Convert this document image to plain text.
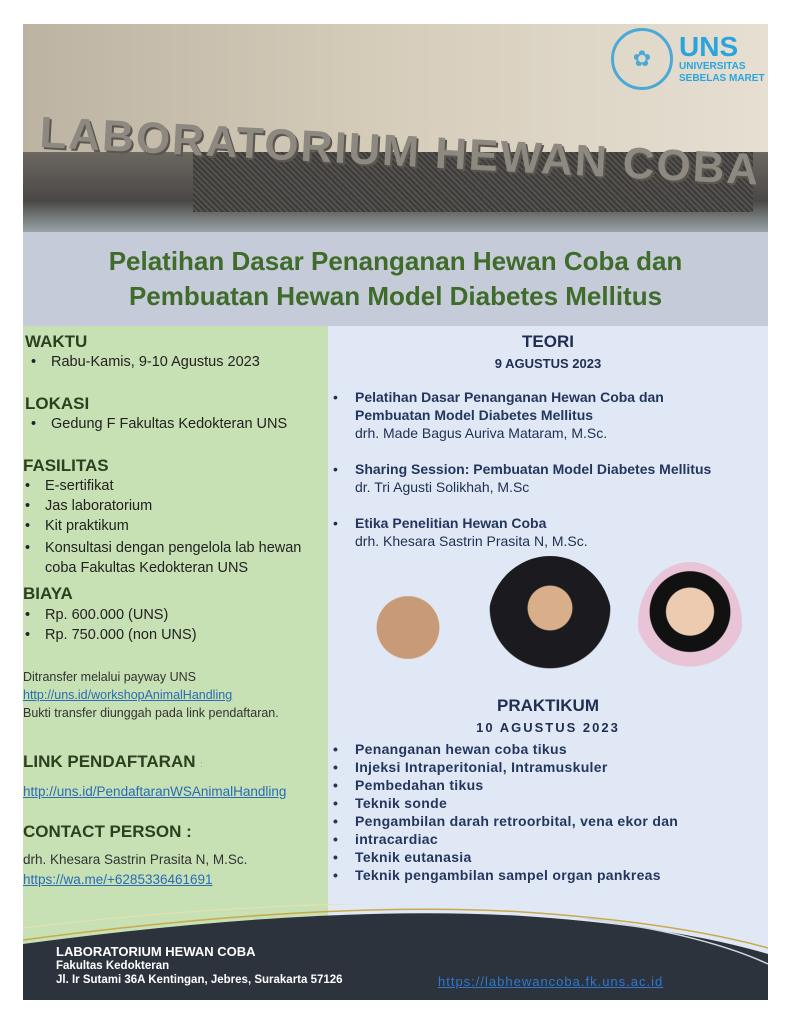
LABORATORIUM HEWAN COBA
✿ UNS
UNIVERSITAS
SEBELAS MARET
Pelatihan Dasar Penanganan Hewan Coba dan
Pembuatan Hewan Model Diabetes Mellitus
WAKTU
• Rabu-Kamis, 9-10 Agustus 2023
LOKASI
• Gedung F Fakultas Kedokteran UNS
FASILITAS
• E-sertifikat
• Jas laboratorium
• Kit praktikum
• Konsultasi dengan pengelola lab hewan coba Fakultas Kedokteran UNS
BIAYA
• Rp. 600.000 (UNS)
• Rp. 750.000 (non UNS)
Ditransfer melalui payway UNS
http://uns.id/workshopAnimalHandling
Bukti transfer diunggah pada link pendaftaran.
LINK PENDAFTARAN :
http://uns.id/PendaftaranWSAnimalHandling
CONTACT PERSON :
drh. Khesara Sastrin Prasita N, M.Sc.
https://wa.me/+6285336461691
TEORI
9 AGUSTUS 2023
• Pelatihan Dasar Penanganan Hewan Coba dan
Pembuatan Model Diabetes Mellitus
drh. Made Bagus Auriva Mataram, M.Sc.
• Sharing Session: Pembuatan Model Diabetes Mellitus
dr. Tri Agusti Solikhah, M.Sc
• Etika Penelitian Hewan Coba
drh. Khesara Sastrin Prasita N, M.Sc.
PRAKTIKUM
10 AGUSTUS 2023
• Penanganan hewan coba tikus
• Injeksi Intraperitonial, Intramuskuler
• Pembedahan tikus
• Teknik sonde
• Pengambilan darah retroorbital, vena ekor dan
• intracardiac
• Teknik eutanasia
• Teknik pengambilan sampel organ pankreas
LABORATORIUM HEWAN COBA
Fakultas Kedokteran
Jl. Ir Sutami 36A Kentingan, Jebres, Surakarta 57126	https://labhewancoba.fk.uns.ac.id
